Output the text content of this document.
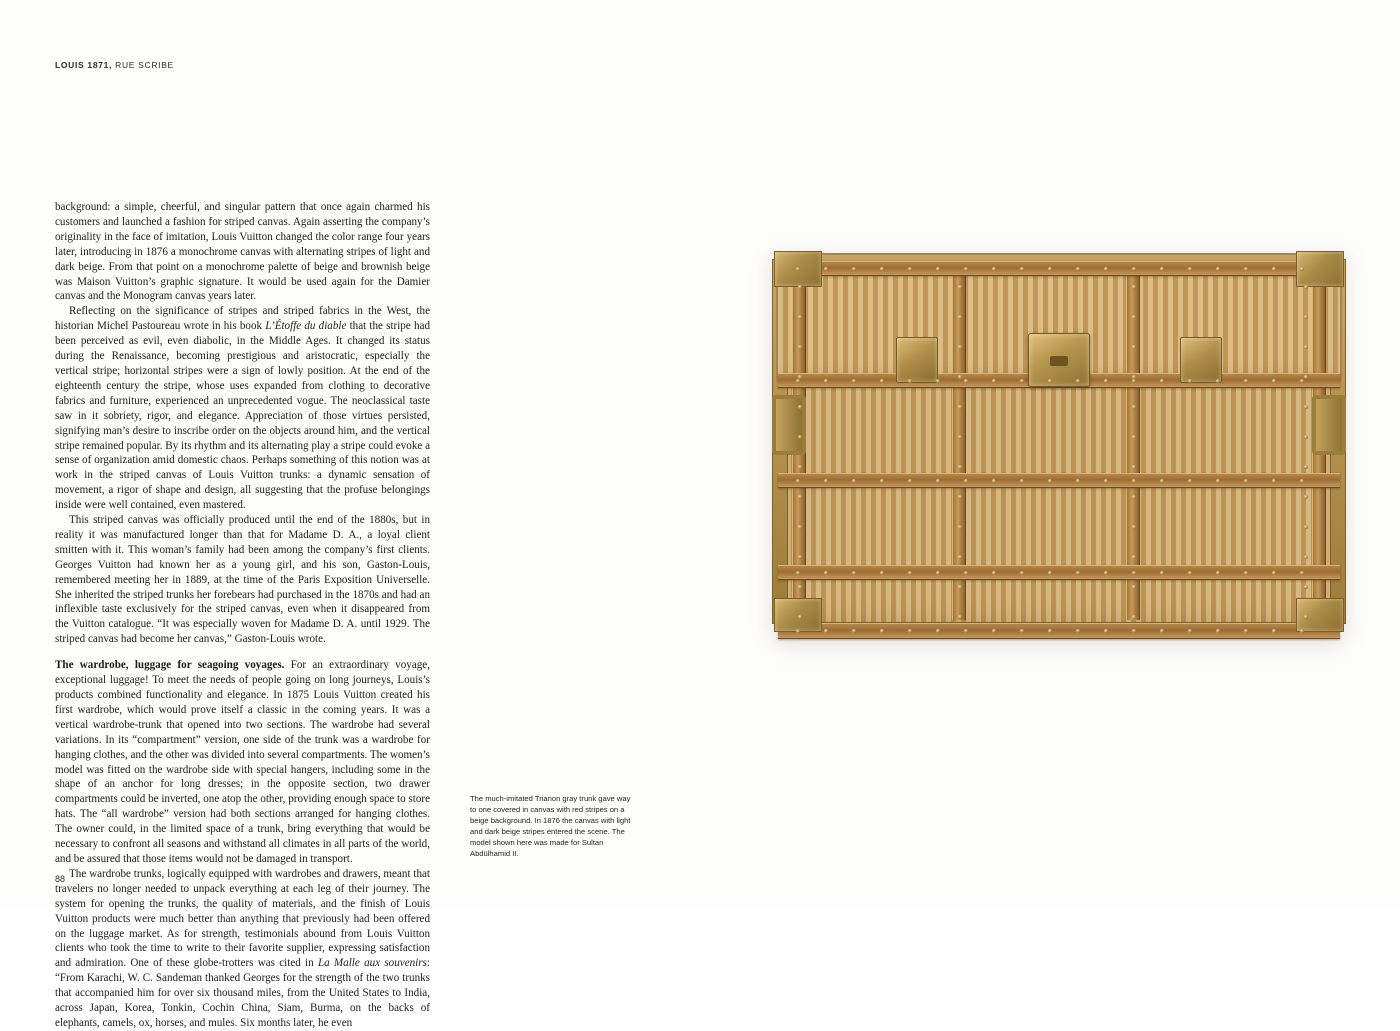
LOUIS 1871, RUE SCRIBE

background: a simple, cheerful, and singular pattern that once again charmed his customers and launched a fashion for striped canvas. Again asserting the company’s originality in the face of imitation, Louis Vuitton changed the color range four years later, introducing in 1876 a monochrome canvas with alternating stripes of light and dark beige. From that point on a monochrome palette of beige and brownish beige was Maison Vuitton’s graphic signature. It would be used again for the Damier canvas and the Monogram canvas years later.

Reflecting on the significance of stripes and striped fabrics in the West, the historian Michel Pastoureau wrote in his book L’Étoffe du diable that the stripe had been perceived as evil, even diabolic, in the Middle Ages. It changed its status during the Renaissance, becoming prestigious and aristocratic, especially the vertical stripe; horizontal stripes were a sign of lowly position. At the end of the eighteenth century the stripe, whose uses expanded from clothing to decorative fabrics and furniture, experienced an unprecedented vogue. The neoclassical taste saw in it sobriety, rigor, and elegance. Appreciation of those virtues persisted, signifying man’s desire to inscribe order on the objects around him, and the vertical stripe remained popular. By its rhythm and its alternating play a stripe could evoke a sense of organization amid domestic chaos. Perhaps something of this notion was at work in the striped canvas of Louis Vuitton trunks: a dynamic sensation of movement, a rigor of shape and design, all suggesting that the profuse belongings inside were well contained, even mastered.

This striped canvas was officially produced until the end of the 1880s, but in reality it was manufactured longer than that for Madame D. A., a loyal client smitten with it. This woman’s family had been among the company’s first clients. Georges Vuitton had known her as a young girl, and his son, Gaston-Louis, remembered meeting her in 1889, at the time of the Paris Exposition Universelle. She inherited the striped trunks her forebears had purchased in the 1870s and had an inflexible taste exclusively for the striped canvas, even when it disappeared from the Vuitton catalogue. “It was especially woven for Madame D. A. until 1929. The striped canvas had become her canvas,” Gaston-Louis wrote.

The wardrobe, luggage for seagoing voyages. For an extraordinary voyage, exceptional luggage! To meet the needs of people going on long journeys, Louis’s products combined functionality and elegance. In 1875 Louis Vuitton created his first wardrobe, which would prove itself a classic in the coming years. It was a vertical wardrobe-trunk that opened into two sections. The wardrobe had several variations. In its “compartment” version, one side of the trunk was a wardrobe for hanging clothes, and the other was divided into several compartments. The women’s model was fitted on the wardrobe side with special hangers, including some in the shape of an anchor for long dresses; in the opposite section, two drawer compartments could be inverted, one atop the other, providing enough space to store hats. The “all wardrobe” version had both sections arranged for hanging clothes. The owner could, in the limited space of a trunk, bring everything that would be necessary to confront all seasons and withstand all climates in all parts of the world, and be assured that those items would not be damaged in transport.

The wardrobe trunks, logically equipped with wardrobes and drawers, meant that travelers no longer needed to unpack everything at each leg of their journey. The system for opening the trunks, the quality of materials, and the finish of Louis Vuitton products were much better than anything that previously had been offered on the luggage market. As for strength, testimonials abound from Louis Vuitton clients who took the time to write to their favorite supplier, expressing satisfaction and admiration. One of these globe-trotters was cited in La Malle aux souvenirs: “From Karachi, W. C. Sandeman thanked Georges for the strength of the two trunks that accompanied him for over six thousand miles, from the United States to India, across Japan, Korea, Tonkin, Cochin China, Siam, Burma, on the backs of elephants, camels, ox, horses, and mules. Six months later, he even

The much-imitated Trianon gray trunk gave way to one covered in canvas with red stripes on a beige background. In 1876 the canvas with light and dark beige stripes entered the scene. The model shown here was made for Sultan Abdülhamid II.

88
